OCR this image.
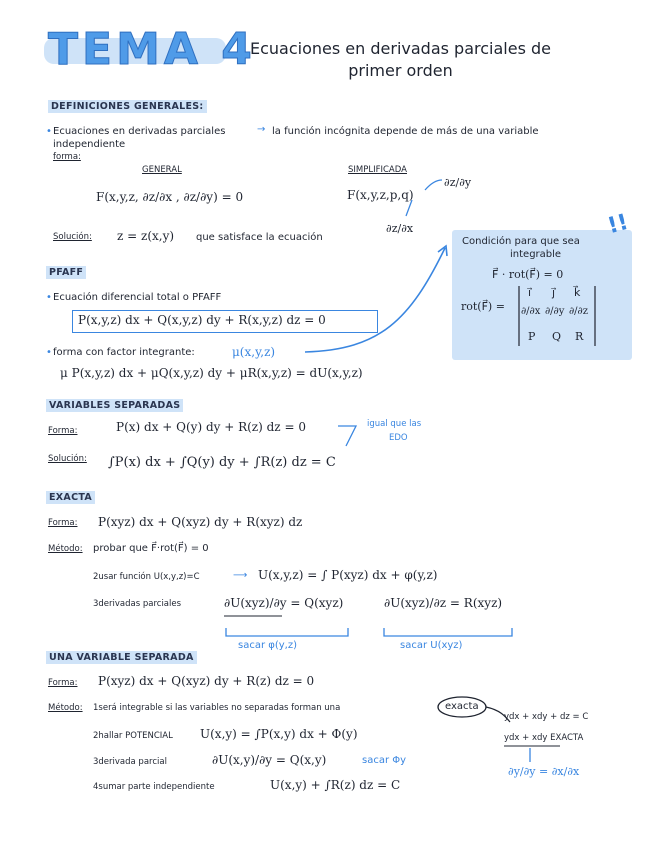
TEMA 4
Ecuaciones en derivadas parciales de
primer orden
DEFINICIONES GENERALES:
• Ecuaciones en derivadas parciales	→ la función incógnita depende de más de una variable
independiente
forma:
GENERAL	SIMPLIFICADA
F(x,y,z, ∂z/∂x , ∂z/∂y) = 0	F(x,y,z,p,q)
∂z/∂y
∂z/∂x
Solución: z = z(x,y) que satisface la ecuación	Condición para que sea
integrable
F⃗ · rot(F⃗) = 0
rot(F⃗) =
i⃗ j⃗ k⃗
∂/∂x ∂/∂y ∂/∂z
P Q R
!!
PFAFF
• Ecuación diferencial total o PFAFF
P(x,y,z) dx + Q(x,y,z) dy + R(x,y,z) dz = 0
• forma con factor integrante:	μ(x,y,z)
μ P(x,y,z) dx + μQ(x,y,z) dy + μR(x,y,z) = dU(x,y,z)
VARIABLES SEPARADAS
Forma:	P(x) dx + Q(y) dy + R(z) dz = 0	igual que las
EDO
Solución: ∫P(x) dx + ∫Q(y) dy + ∫R(z) dz = C
EXACTA
Forma: P(xyz) dx + Q(xyz) dy + R(xyz) dz
Método: probar que F⃗·rot(F⃗) = 0
2usar función U(x,y,z)=C	⟶ U(x,y,z) = ∫ P(xyz) dx + φ(y,z)
3derivadas parciales	∂U(xyz)/∂y = Q(xyz)	∂U(xyz)/∂z = R(xyz)
sacar φ(y,z)	sacar U(xyz)
UNA VARIABLE SEPARADA
Forma: P(xyz) dx + Q(xyz) dy + R(z) dz = 0
Método: 1será integrable si las variables no separadas forman una	exacta
ydx + xdy + dz = C
ydx + xdy EXACTA
∂y/∂y = ∂x/∂x
2hallar POTENCIAL U(x,y) = ∫P(x,y) dx + Φ(y)
3derivada parcial	∂U(x,y)/∂y = Q(x,y)	sacar Φy
4sumar parte independiente	U(x,y) + ∫R(z) dz = C
